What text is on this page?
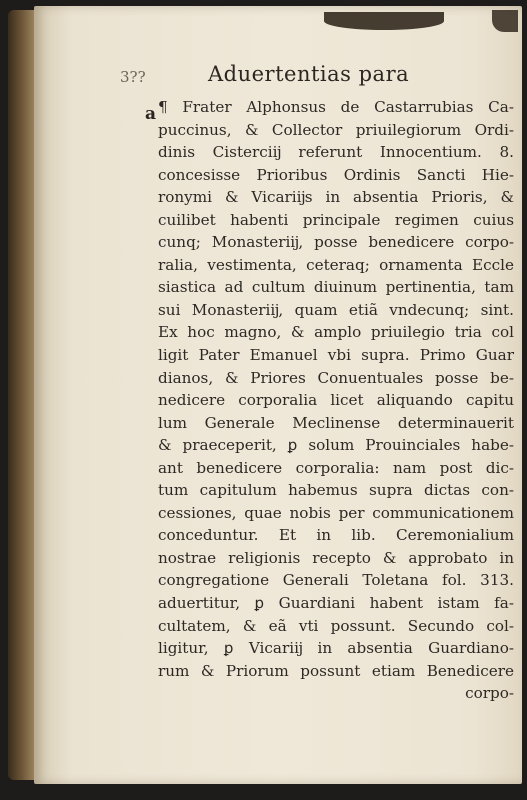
3??	Aduertentias para
a ¶ Frater Alphonsus de Castarrubias Ca-
puccinus, & Collector priuilegiorum Ordi-
dinis Cisterciĳ referunt Innocentium. 8.
concesisse Prioribus Ordinis Sancti Hie-
ronymi & Vicariĳs in absentia Prioris, &
cuilibet habenti principale regimen cuius
cunq; Monasteriĳ, posse benedicere corpo-
ralia, vestimenta, ceteraq; ornamenta Eccle
siastica ad cultum diuinum pertinentia, tam
sui Monasteriĳ, quam etiã vndecunq; sint.
Ex hoc magno, & amplo priuilegio tria col
ligit Pater Emanuel vbi supra. Primo Guar
dianos, & Priores Conuentuales posse be-
nedicere corporalia licet aliquando capitu
lum Generale Meclinense determinauerit
& praeceperit, ꝑ solum Prouinciales habe-
ant benedicere corporalia: nam post dic-
tum capitulum habemus supra dictas con-
cessiones, quae nobis per communicationem
conceduntur. Et in lib. Ceremonialium
nostrae religionis recepto & approbato in
congregatione Generali Toletana fol. 313.
aduertitur, ꝑ Guardiani habent istam fa-
cultatem, & eã vti possunt. Secundo col-
ligitur, ꝑ Vicariĳ in absentia Guardiano-
rum & Priorum possunt etiam Benedicere
corpo-
